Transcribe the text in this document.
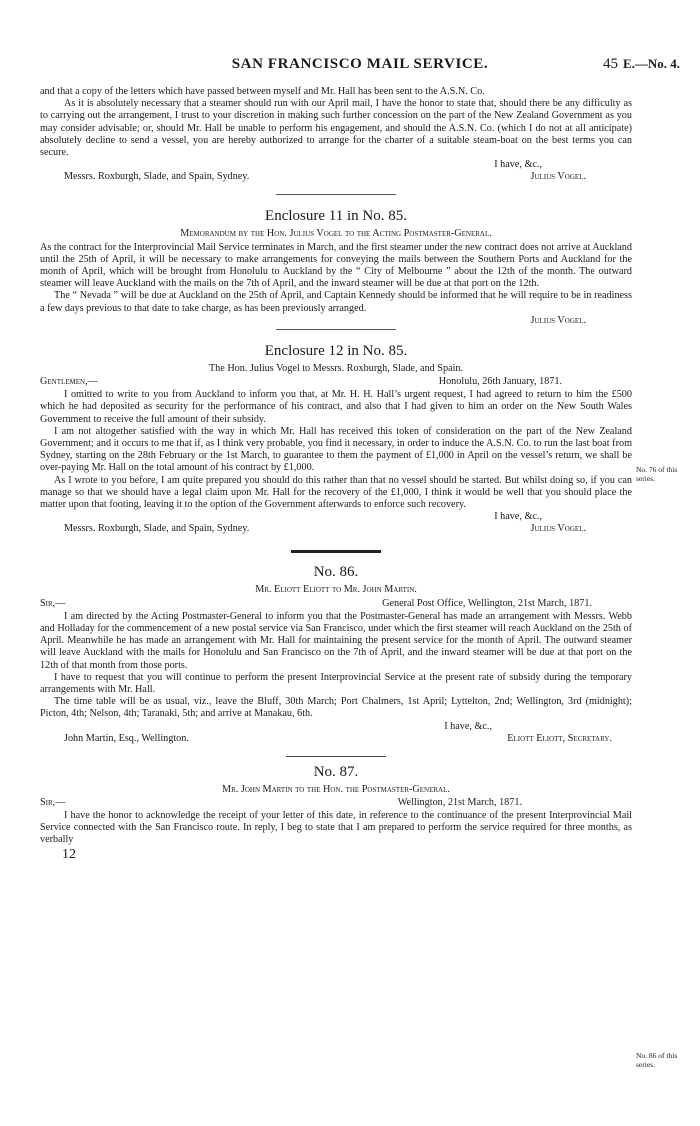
SAN FRANCISCO MAIL SERVICE.	45 E.—No. 4.

and that a copy of the letters which have passed between myself and Mr. Hall has been sent to the A.S.N. Co.

As it is absolutely necessary that a steamer should run with our April mail, I have the honor to state that, should there be any difficulty as to carrying out the arrangement, I trust to your discretion in making such further concession on the part of the New Zealand Government as you may consider advisable; or, should Mr. Hall be unable to perform his engagement, and should the A.S.N. Co. (which I do not at all anticipate) absolutely decline to send a vessel, you are hereby authorized to arrange for the charter of a suitable steam-boat on the best terms you can secure.

I have, &c.,

Messrs. Roxburgh, Slade, and Spain, Sydney.	Julius Vogel.

Enclosure 11 in No. 85.

Memorandum by the Hon. Julius Vogel to the Acting Postmaster-General.

As the contract for the Interprovincial Mail Service terminates in March, and the first steamer under the new contract does not arrive at Auckland until the 25th of April, it will be necessary to make arrangements for conveying the mails between the Southern Ports and Auckland for the month of April, which will be brought from Honolulu to Auckland by the “ City of Melbourne ” about the 12th of the month. The outward steamer will leave Auckland with the mails on the 7th of April, and the inward steamer will be due at that port on the 12th.

The “ Nevada ” will be due at Auckland on the 25th of April, and Captain Kennedy should be informed that he will require to be in readiness a few days previous to that date to take charge, as has been previously arranged.

Julius Vogel.

Enclosure 12 in No. 85.

The Hon. Julius Vogel to Messrs. Roxburgh, Slade, and Spain.

Gentlemen,—	Honolulu, 26th January, 1871.

I omitted to write to you from Auckland to inform you that, at Mr. H. H. Hall’s urgent request, I had agreed to return to him the £500 which he had deposited as security for the performance of his contract, and also that I had given to him an order on the New South Wales Government to receive the full amount of their subsidy.

I am not altogether satisfied with the way in which Mr. Hall has received this token of consideration on the part of the New Zealand Government; and it occurs to me that if, as I think very probable, you find it necessary, in order to induce the A.S.N. Co. to run the last boat from Sydney, starting on the 28th February or the 1st March, to guarantee to them the payment of £1,000 in April on the vessel’s return, we shall be over-paying Mr. Hall on the total amount of his contract by £1,000.

As I wrote to you before, I am quite prepared you should do this rather than that no vessel should be started. But whilst doing so, if you can manage so that we should have a legal claim upon Mr. Hall for the recovery of the £1,000, I think it would be well that you should place the matter upon that footing, leaving it to the option of the Government afterwards to enforce such recovery.

I have, &c.,

Messrs. Roxburgh, Slade, and Spain, Sydney.	Julius Vogel.

No. 86.

Mr. Eliott Eliott to Mr. John Martin.

Sir,—	General Post Office, Wellington, 21st March, 1871.

I am directed by the Acting Postmaster-General to inform you that the Postmaster-General has made an arrangement with Messrs. Webb and Holladay for the commencement of a new postal service via San Francisco, under which the first steamer will reach Auckland on the 25th of April. Meanwhile he has made an arrangement with Mr. Hall for maintaining the present service for the month of April. The outward steamer will leave Auckland with the mails for Honolulu and San Francisco on the 7th of April, and the inward steamer will be due at that port on the 12th of that month from those ports.

I have to request that you will continue to perform the present Interprovincial Service at the present rate of subsidy during the temporary arrangements with Mr. Hall.

The time table will be as usual, viz., leave the Bluff, 30th March; Port Chalmers, 1st April; Lyttelton, 2nd; Wellington, 3rd (midnight); Picton, 4th; Nelson, 4th; Taranaki, 5th; and arrive at Manakau, 6th.

I have, &c.,

John Martin, Esq., Wellington.	Eliott Eliott, Secretary.

No. 87.

Mr. John Martin to the Hon. the Postmaster-General.

Sir,—	Wellington, 21st March, 1871.

I have the honor to acknowledge the receipt of your letter of this date, in reference to the continuance of the present Interprovincial Mail Service connected with the San Francisco route. In reply, I beg to state that I am prepared to perform the service required for three months, as verbally

12

No. 76 of this series.
No. 86 of this series.
